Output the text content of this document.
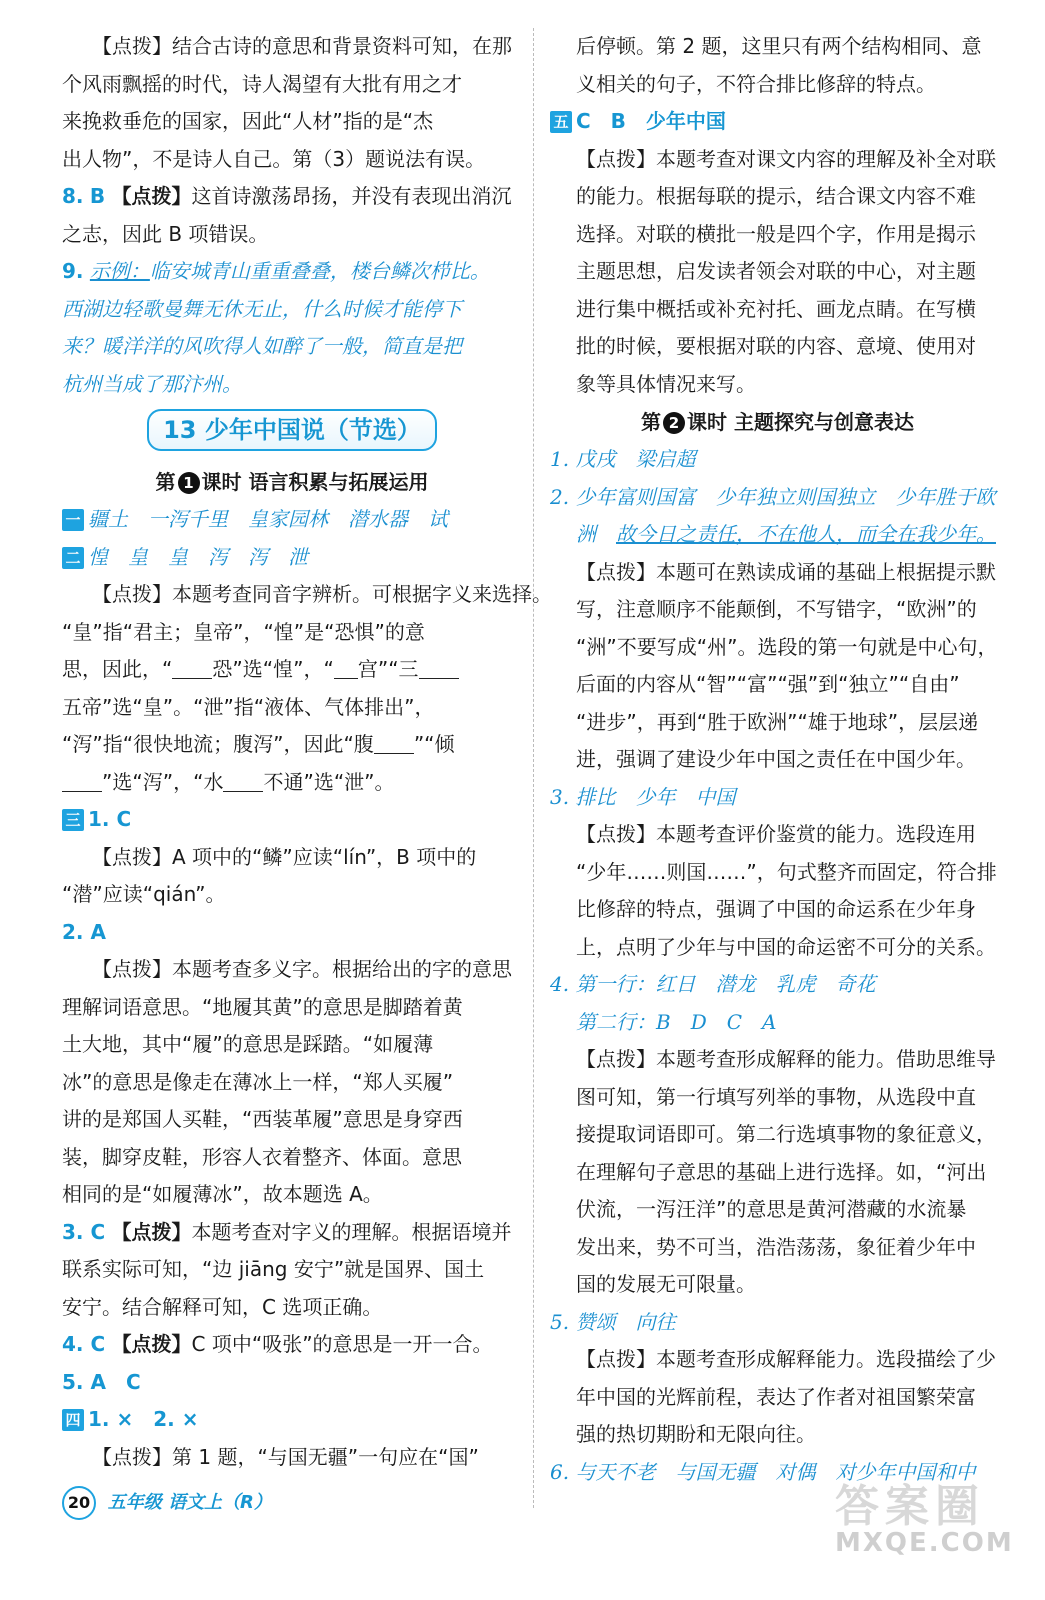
【点拨】结合古诗的意思和背景资料可知，在那
个风雨飘摇的时代，诗人渴望有大批有用之才
来挽救垂危的国家，因此“人材”指的是“杰
出人物”，不是诗人自己。第（3）题说法有误。
8. B 【点拨】这首诗激荡昂扬，并没有表现出消沉
之志，因此 B 项错误。
9. 示例：临安城青山重重叠叠，楼台鳞次栉比。
西湖边轻歌曼舞无休无止，什么时候才能停下
来？暖洋洋的风吹得人如醉了一般，简直是把
杭州当成了那汴州。
13 少年中国说（节选）
第 1 课时 语言积累与拓展运用
一 疆土　一泻千里　皇家园林　潜水器　试
二 惶　皇　皇　泻　泻　泄
【点拨】本题考查同音字辨析。可根据字义来选择。
“皇”指“君主；皇帝”，“惶”是“恐惧”的意
思，因此，“ 恐”选“惶”，“ 宫”“三
五帝”选“皇”。“泄”指“液体、气体排出”，
“泻”指“很快地流；腹泻”，因此“腹 ”“倾
”选“泻”，“水 不通”选“泄”。
三 1. C
【点拨】A 项中的“鳞”应读“lín”，B 项中的
“潜”应读“qián”。
2. A
【点拨】本题考查多义字。根据给出的字的意思
理解词语意思。“地履其黄”的意思是脚踏着黄
土大地，其中“履”的意思是踩踏。“如履薄
冰”的意思是像走在薄冰上一样，“郑人买履”
讲的是郑国人买鞋，“西装革履”意思是身穿西
装，脚穿皮鞋，形容人衣着整齐、体面。意思
相同的是“如履薄冰”，故本题选 A。
3. C 【点拨】本题考查对字义的理解。根据语境并
联系实际可知，“边 jiāng 安宁”就是国界、国土
安宁。结合解释可知，C 选项正确。
4. C 【点拨】C 项中“吸张”的意思是一开一合。
5. A　C
四 1. ×　2. ×
【点拨】第 1 题，“与国无疆”一句应在“国”
后停顿。第 2 题，这里只有两个结构相同、意
义相关的句子，不符合排比修辞的特点。
五 C　B　少年中国
【点拨】本题考查对课文内容的理解及补全对联
的能力。根据每联的提示，结合课文内容不难
选择。对联的横批一般是四个字，作用是揭示
主题思想，启发读者领会对联的中心，对主题
进行集中概括或补充衬托、画龙点睛。在写横
批的时候，要根据对联的内容、意境、使用对
象等具体情况来写。
第 2 课时 主题探究与创意表达
1. 戊戌　梁启超
2. 少年富则国富　少年独立则国独立　少年胜于欧
洲　故今日之责任，不在他人，而全在我少年。
【点拨】本题可在熟读成诵的基础上根据提示默
写，注意顺序不能颠倒，不写错字，“欧洲”的
“洲”不要写成“州”。选段的第一句就是中心句，
后面的内容从“智”“富”“强”到“独立”“自由”
“进步”，再到“胜于欧洲”“雄于地球”，层层递
进，强调了建设少年中国之责任在中国少年。
3. 排比　少年　中国
【点拨】本题考查评价鉴赏的能力。选段连用
“少年……则国……”，句式整齐而固定，符合排
比修辞的特点，强调了中国的命运系在少年身
上，点明了少年与中国的命运密不可分的关系。
4. 第一行：红日　潜龙　乳虎　奇花
第二行：B　D　C　A
【点拨】本题考查形成解释的能力。借助思维导
图可知，第一行填写列举的事物，从选段中直
接提取词语即可。第二行选填事物的象征意义，
在理解句子意思的基础上进行选择。如，“河出
伏流，一泻汪洋”的意思是黄河潜藏的水流暴
发出来，势不可当，浩浩荡荡，象征着少年中
国的发展无可限量。
5. 赞颂　向往
【点拨】本题考查形成解释能力。选段描绘了少
年中国的光辉前程，表达了作者对祖国繁荣富
强的热切期盼和无限向往。
6. 与天不老　与国无疆　对偶　对少年中国和中
20 五年级 语文上（R）	答案圈
MXQE.COM
